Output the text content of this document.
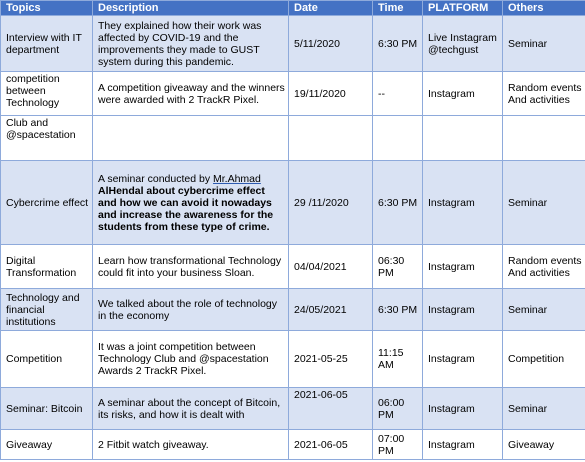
Topics	Description	Date	Time	PLATFORM	Others
Interview with IT department	They explained how their work was affected by COVID-19 and the improvements they made to GUST system during this pandemic.	5/11/2020	6:30 PM	Live Instagram @techgust	Seminar
competition between Technology	A competition giveaway and the winners were awarded with 2 TrackR Pixel.	19/11/2020	--	Instagram	Random events And activities
Club and @spacestation					
Cybercrime effect	A seminar conducted by Mr.Ahmad AlHendal about cybercrime effect and how we can avoid it nowadays and increase the awareness for the students from these type of crime.	29 /11/2020	6:30 PM	Instagram	Seminar
Digital Transformation	Learn how transformational Technology could fit into your business Sloan.	04/04/2021	06:30 PM	Instagram	Random events And activities
Technology and financial institutions	We talked about the role of technology in the economy	24/05/2021	6:30 PM	Instagram	Seminar
Competition	It was a joint competition between Technology Club and @spacestation Awards 2 TrackR Pixel.	2021-05-25	11:15 AM	Instagram	Competition
Seminar: Bitcoin	A seminar about the concept of Bitcoin, its risks, and how it is dealt with	2021-06-05	06:00 PM	Instagram	Seminar
Giveaway	2 Fitbit watch giveaway.	2021-06-05	07:00 PM	Instagram	Giveaway
